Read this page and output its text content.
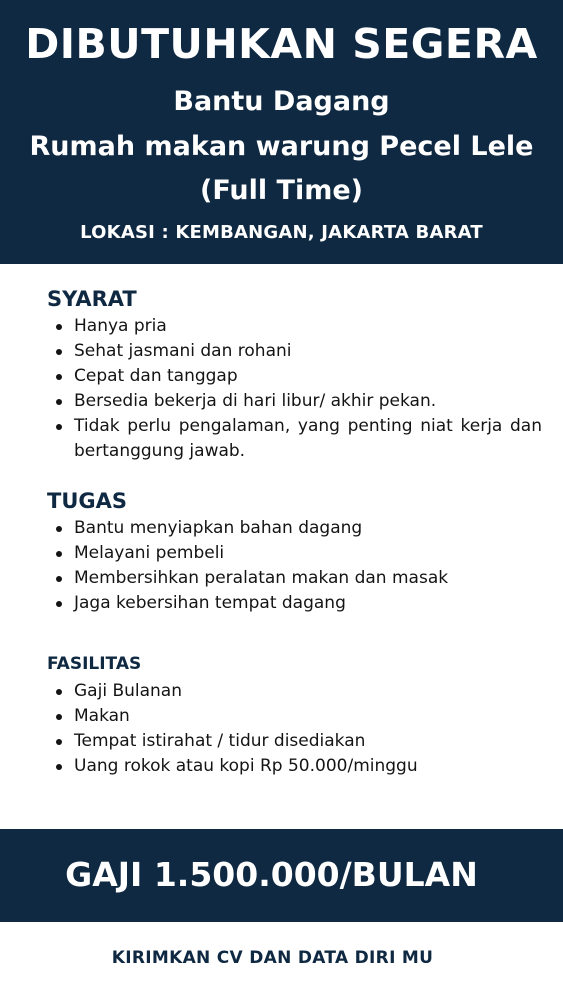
DIBUTUHKAN SEGERA
Bantu Dagang
Rumah makan warung Pecel Lele
(Full Time)
LOKASI : KEMBANGAN, JAKARTA BARAT
SYARAT
Hanya pria
Sehat jasmani dan rohani
Cepat dan tanggap
Bersedia bekerja di hari libur/ akhir pekan.
Tidak perlu pengalaman, yang penting niat kerja dan bertanggung jawab.
TUGAS
Bantu menyiapkan bahan dagang
Melayani pembeli
Membersihkan peralatan makan dan masak
Jaga kebersihan tempat dagang
FASILITAS
Gaji Bulanan
Makan
Tempat istirahat / tidur disediakan
Uang rokok atau kopi Rp 50.000/minggu
GAJI 1.500.000/BULAN
KIRIMKAN CV DAN DATA DIRI MU
